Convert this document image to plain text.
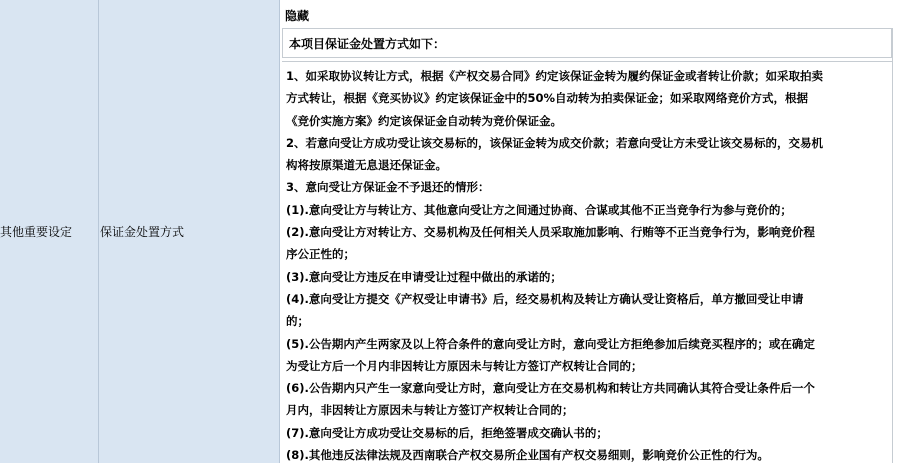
其他重要设定 保证金处置方式
隐藏
本项目保证金处置方式如下：
1、如采取协议转让方式，根据《产权交易合同》约定该保证金转为履约保证金或者转让价款；如采取拍卖
方式转让，根据《竞买协议》约定该保证金中的50%自动转为拍卖保证金；如采取网络竞价方式，根据
《竞价实施方案》约定该保证金自动转为竞价保证金。
2、若意向受让方成功受让该交易标的，该保证金转为成交价款；若意向受让方未受让该交易标的，交易机
构将按原渠道无息退还保证金。
3、意向受让方保证金不予退还的情形：
(1).意向受让方与转让方、其他意向受让方之间通过协商、合谋或其他不正当竞争行为参与竞价的；
(2).意向受让方对转让方、交易机构及任何相关人员采取施加影响、行贿等不正当竞争行为，影响竞价程
序公正性的；
(3).意向受让方违反在申请受让过程中做出的承诺的；
(4).意向受让方提交《产权受让申请书》后，经交易机构及转让方确认受让资格后，单方撤回受让申请
的；
(5).公告期内产生两家及以上符合条件的意向受让方时，意向受让方拒绝参加后续竞买程序的；或在确定
为受让方后一个月内非因转让方原因未与转让方签订产权转让合同的；
(6).公告期内只产生一家意向受让方时，意向受让方在交易机构和转让方共同确认其符合受让条件后一个
月内，非因转让方原因未与转让方签订产权转让合同的；
(7).意向受让方成功受让交易标的后，拒绝签署成交确认书的；
(8).其他违反法律法规及西南联合产权交易所企业国有产权交易细则，影响竞价公正性的行为。
